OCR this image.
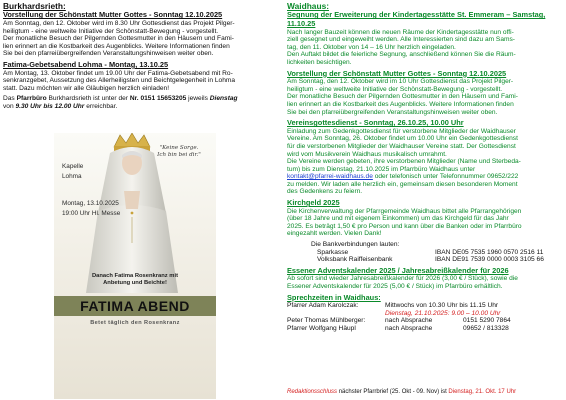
Burkhardsrieth:
Vorstellung der Schönstatt Mutter Gottes - Sonntag 12.10.2025

Am Sonntag, den 12. Oktober wird im 8.30 Uhr Gottesdienst das Projekt Pilger-

heiligtum - eine weltweite Initiative der Schönstatt-Bewegung - vorgestellt.

Der monatliche Besuch der Pilgernden Gottesmutter in den Häusern und Fami-

lien erinnert an die Kostbarkeit des Augenblicks. Weitere Informationen finden

Sie bei den pfarreiübergreifenden Veranstaltungshinweisen weiter oben.

Fatima-Gebetsabend Lohma - Montag, 13.10.25

Am Montag, 13. Oktober findet um 19.00 Uhr der Fatima-Gebetsabend mit Ro-

senkranzgebet, Aussetzung des Allerheiligsten und Beichtgelegenheit in Lohma

statt. Dazu möchten wir alle Gläubigen herzlich einladen!

Das Pfarrbüro Burkhardsrieth ist unter der Nr. 0151 15653205 jeweils Dienstag

von 9.30 Uhr bis 12.00 Uhr erreichbar.

"Keine Sorge.
Ich bin bei dir."
Kapelle
Lohma
Montag, 13.10.2025
19:00 Uhr Hl. Messe
Danach Fatima Rosenkranz mit
Anbetung und Beichte!
FATIMA ABEND
Betet täglich den Rosenkranz
Waidhaus:
Segnung der Erweiterung der Kindertagesstätte St. Emmeram – Samstag,
11.10.25

Nach langer Bauzeit können die neuen Räume der Kindertagesstätte nun offi-

ziell gesegnet und eingeweiht werden. Alle Interessierten sind dazu am Sams-

tag, den 11. Oktober von 14 – 16 Uhr herzlich eingeladen.

Den Auftakt bildet die feierliche Segnung, anschließend können Sie die Räum-

lichkeiten besichtigen.

Vorstellung der Schönstatt Mutter Gottes - Sonntag 12.10.2025

Am Sonntag, den 12. Oktober wird im 10 Uhr Gottesdienst das Projekt Pilger-

heiligtum - eine weltweite Initiative der Schönstatt-Bewegung - vorgestellt.

Der monatliche Besuch der Pilgernden Gottesmutter in den Häusern und Fami-

lien erinnert an die Kostbarkeit des Augenblicks. Weitere Informationen finden

Sie bei den pfarreiübergreifenden Veranstaltungshinweisen weiter oben.

Vereinsgottesdienst - Sonntag, 26.10.25, 10.00 Uhr

Einladung zum Gedenkgottesdienst für verstorbene Mitglieder der Waidhauser

Vereine. Am Sonntag, 26. Oktober findet um 10.00 Uhr ein Gedenkgottesdienst

für die verstorbenen Mitglieder der Waidhauser Vereine statt. Der Gottesdienst

wird vom Musikverein Waidhaus musikalisch umrahmt.

Die Vereine werden gebeten, ihre verstorbenen Mitglieder (Name und Sterbeda-

tum) bis zum Dienstag, 21.10.2025 im Pfarrbüro Waidhaus unter

kontakt@pfarrei-waidhaus.de oder telefonisch unter Telefonnummer 09652/222

zu melden. Wir laden alle herzlich ein, gemeinsam diesen besonderen Moment

des Gedenkens zu feiern.

Kirchgeld 2025

Die Kirchenverwaltung der Pfarrgemeinde Waidhaus bittet alle Pfarrangehörigen

(über 18 Jahre und mit eigenem Einkommen) um das Kirchgeld für das Jahr

2025. Es beträgt 1,50 € pro Person und kann über die Banken oder im Pfarrbüro

eingezahlt werden. Vielen Dank!

Die Bankverbindungen lauten:

Sparkasse	IBAN DE05 7535 1960 0570 2516 11
Volksbank Raiffeisenbank	IBAN DE91 7539 0000 0003 3105 66
Essener Adventskalender 2025 / Jahresabreißkalender für 2026

Ab sofort sind wieder Jahresabreißkalender für 2026 (3,00 € / Stück), sowie die

Essener Adventskalender für 2025 (5,00 € / Stück) im Pfarrbüro erhältlich.

Sprechzeiten in Waidhaus:
Pfarrer Adam Karolczak:	Mittwochs von 10.30 Uhr bis 11.15 Uhr
Dienstag, 21.10.2025: 9.00 – 10.00 Uhr
Peter Thomas Mühlberger:	nach Absprache	0151 5290 7864
Pfarrer Wolfgang Häupl	nach Absprache	09652 / 813328
Redaktionsschluss nächster Pfarrbrief (25. Okt - 09. Nov) ist Dienstag, 21. Okt. 17 Uhr
